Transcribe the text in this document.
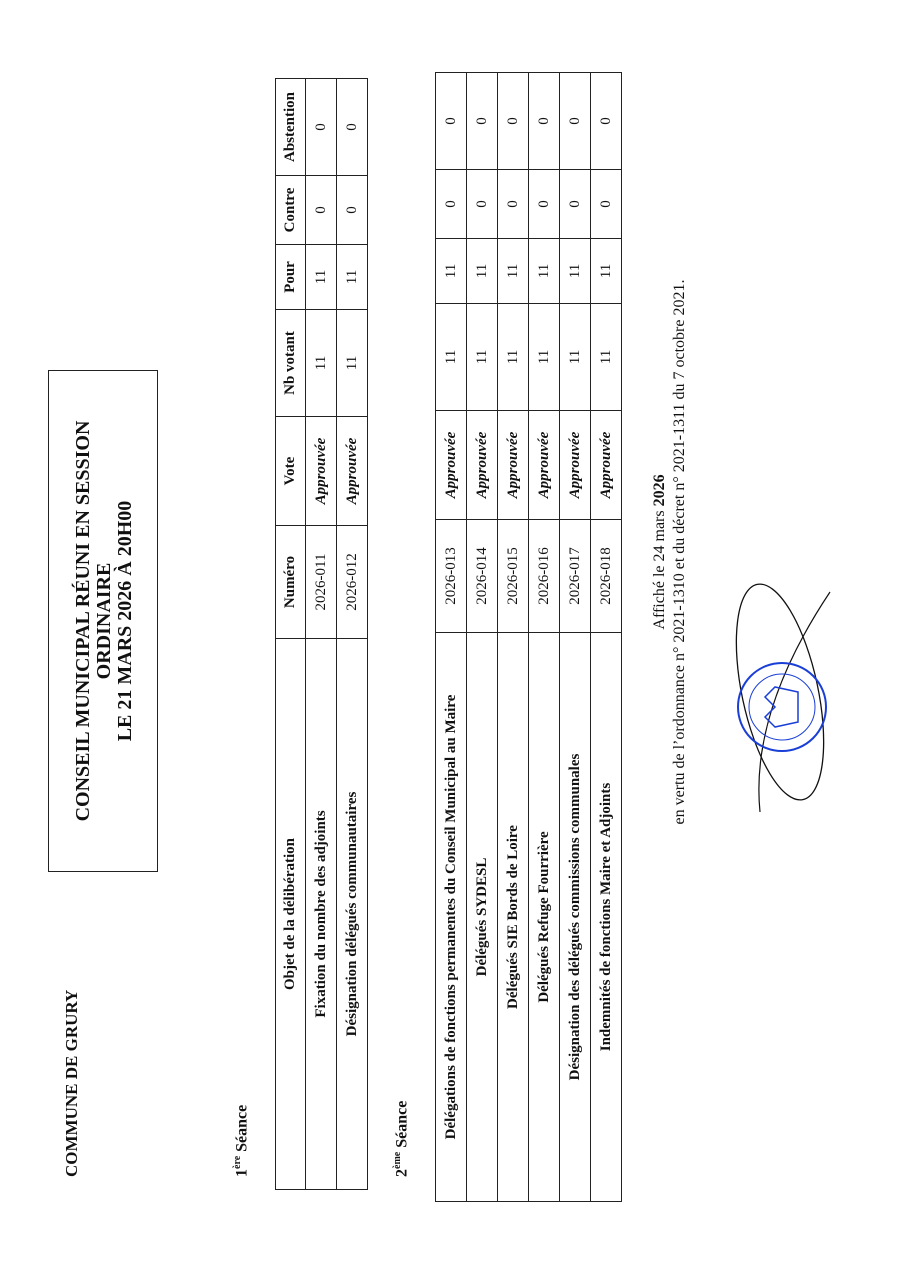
COMMUNE DE GRURY
CONSEIL MUNICIPAL RÉUNI EN SESSION ORDINAIRE LE 21 MARS 2026 À 20H00
1ère Séance
Objet de la délibération	Numéro	Vote	Nb votant	Pour	Contre	Abstention
Fixation du nombre des adjoints	2026-011	Approuvée	11	11	0	0
Désignation délégués communautaires	2026-012	Approuvée	11	11	0	0
2ème Séance Délégations de fonctions permanentes du Conseil Municipal au Maire	2026-013	Approuvée	11	11	0	0
Délégués SYDESL	2026-014	Approuvée	11	11	0	0
Délégués SIE Bords de Loire	2026-015	Approuvée	11	11	0	0
Délégués Refuge Fourrière	2026-016	Approuvée	11	11	0	0
Désignation des délégués commissions communales	2026-017	Approuvée	11	11	0	0
Indemnités de fonctions Maire et Adjoints	2026-018	Approuvée	11	11	0	0
Affiché le 24 mars 2026 en vertu de l’ordonnance n° 2021-1310 et du décret n° 2021-1311 du 7 octobre 2021.
